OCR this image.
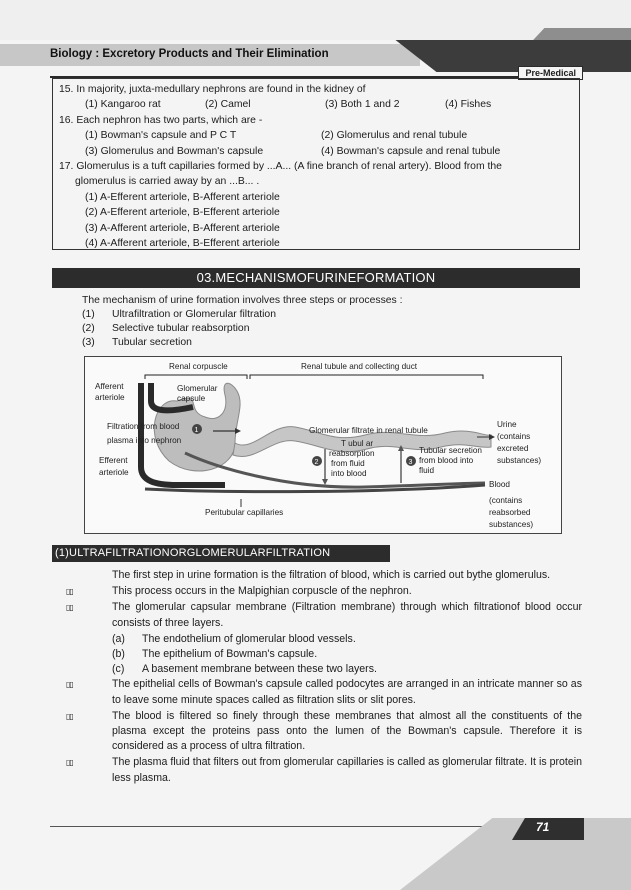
Biology : Excretory Products and Their Elimination
Pre-Medical
15. In majority, juxta-medullary nephrons are found in the kidney of
(1) Kangaroo rat	(2) Camel	(3) Both 1 and 2	(4) Fishes
16. Each nephron has two parts, which are -
(1) Bowman's capsule and P C T	(2) Glomerulus and renal tubule
(3) Glomerulus and Bowman's capsule	(4) Bowman's capsule and renal tubule
17. Glomerulus is a tuft capillaries formed by ...A... (A fine branch of renal artery). Blood from the
glomerulus is carried away by an ...B... .
(1) A-Efferent arteriole, B-Afferent arteriole
(2) A-Efferent arteriole, B-Efferent arteriole
(3) A-Afferent arteriole, B-Afferent arteriole
(4) A-Afferent arteriole, B-Efferent arteriole
03.MECHANISMOFURINEFORMATION
The mechanism of urine formation involves three steps or processes :
(1) Ultrafiltration or Glomerular filtration
(2) Selective tubular reabsorption
(3) Tubular secretion
Renal corpuscle	Renal tubule and collecting duct
1
2	3
Afferent
arteriole
Glomerular
capsule
Filtration from blood
plasma into nephron
Efferent
arteriole
Glomerular filtrate in renal tubule
T ubul ar
reabsorption
from fluid
into blood
Tubular secretion
from blood into
fluid
Urine
(contains
excreted
substances)
Blood
(contains
reabsorbed
substances)
Peritubular capillaries
(1)ULTRAFILTRATIONORGLOMERULARFILTRATION
The first step in urine formation is the filtration of blood, which is carried out bythe glomerulus.
▯▯	This process occurs in the Malpighian corpuscle of the nephron.
▯▯	The glomerular capsular membrane (Filtration membrane) through which filtrationof blood occur consists of three layers.
(a) The endothelium of glomerular blood vessels.
(b) The epithelium of Bowman's capsule.
(c) A basement membrane between these two layers.
▯▯	The epithelial cells of Bowman's capsule called podocytes are arranged in an intricate manner so as to leave some minute spaces called as filtration slits or slit pores.
▯▯	The blood is filtered so finely through these membranes that almost all the constituents of the plasma except the proteins pass onto the lumen of the Bowman's capsule. Therefore it is considered as a process of ultra filtration.
▯▯	The plasma fluid that filters out from glomerular capillaries is called as glomerular filtrate. It is protein less plasma.
71
